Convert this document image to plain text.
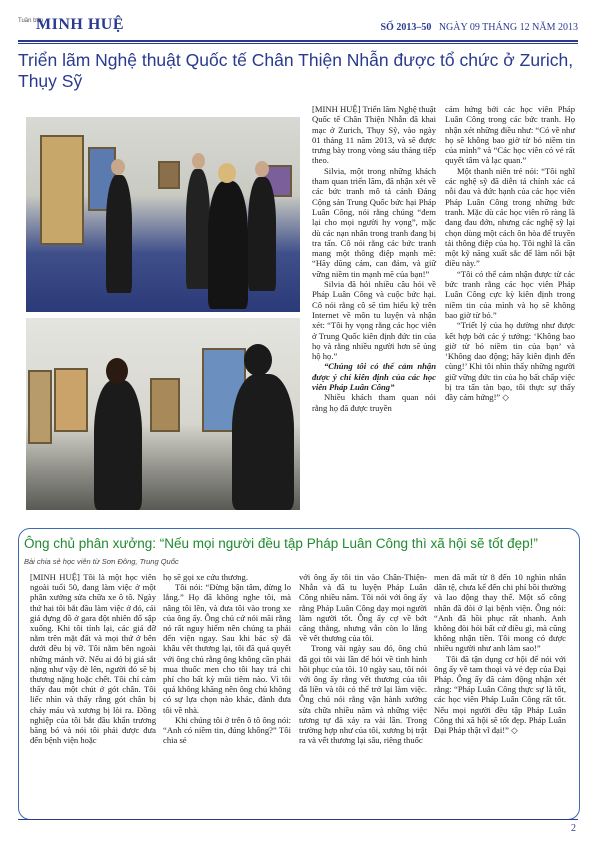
Tuần báo
MINH HUỆ	SỐ 2013–50 NGÀY 09 THÁNG 12 NĂM 2013
Triển lãm Nghệ thuật Quốc tế Chân Thiện Nhẫn được tổ chức ở Zurich, Thụy Sỹ

[MINH HUỆ] Triển lãm Nghệ thuật Quốc tế Chân Thiện Nhẫn đã khai mạc ở Zurich, Thụy Sỹ, vào ngày 01 tháng 11 năm 2013, và sẽ được trưng bày trong vòng sáu tháng tiếp theo.

Silvia, một trong những khách tham quan triển lãm, đã nhận xét về các bức tranh mô tả cảnh Đảng Cộng sản Trung Quốc bức hại Pháp Luân Công, nói rằng chúng “đem lại cho mọi người hy vọng”, mặc dù các nạn nhân trong tranh đang bị tra tấn. Cô nói rằng các bức tranh mang một thông điệp mạnh mẽ: “Hãy dũng cảm, can đảm, và giữ vững niềm tin mạnh mẽ của bạn!”

Silvia đã hỏi nhiều câu hỏi về Pháp Luân Công và cuộc bức hại. Cô nói rằng cô sẽ tìm hiểu kỹ trên Internet về môn tu luyện và nhận xét: “Tôi hy vọng rằng các học viên ở Trung Quốc kiên định đức tin của họ và rằng nhiều người hơn sẽ ủng hộ họ.”

“Chúng tôi có thể cảm nhận được ý chí kiên định của các học viên Pháp Luân Công”

Nhiều khách tham quan nói rằng họ đã được truyền

cảm hứng bởi các học viên Pháp Luân Công trong các bức tranh. Họ nhận xét những điều như: “Có về như họ sẽ không bao giờ từ bỏ niềm tin của mình” và “Các học viên có vẻ rất quyết tâm và lạc quan.”

Một thanh niên trẻ nói: “Tôi nghĩ các nghệ sỹ đã diễn tả chính xác cả nỗi đau và đức hạnh của các học viên Pháp Luân Công trong những bức tranh. Mặc dù các học viên rõ ràng là đang đau đớn, nhưng các nghệ sỹ lại chọn dùng một cách ôn hòa để truyền tải thông điệp của họ. Tôi nghĩ là cần một kỹ năng xuất sắc để làm nổi bật điều này.”

“Tôi có thể cảm nhận được từ các bức tranh rằng các học viên Pháp Luân Công cực kỳ kiên định trong niềm tin của mình và họ sẽ không bao giờ từ bỏ.”

“Triết lý của họ dường như được kết hợp bởi các ý tưởng: ‘Không bao giờ từ bỏ niềm tin của bạn’ và ‘Không dao động; hãy kiên định đến cùng!’ Khi tôi nhìn thấy những người giữ vững đức tin của họ bất chấp việc bị tra tấn tàn bạo, tôi thực sự thấy đầy cảm hứng!” ◇

Ông chủ phân xưởng: “Nếu mọi người đều tập Pháp Luân Công thì xã hội sẽ tốt đẹp!”
Bài chia sẻ học viên từ Sơn Đông, Trung Quốc

[MINH HUỆ] Tôi là một học viên ngoài tuổi 50, đang làm việc ở một phân xưởng sửa chữa xe ô tô. Ngày thứ hai tôi bắt đầu làm việc ở đó, cái giá đựng đồ ở gara đột nhiên đổ sập xuống. Khi tôi tỉnh lại, các giá đỡ nằm trên mặt đất và mọi thứ ở bên dưới đều bị vỡ. Tôi nằm bên ngoài những mảnh vỡ. Nếu ai đó bị giá sắt nặng như vậy đè lên, người đó sẽ bị thương nặng hoặc chết. Tôi chỉ cảm thấy đau một chút ở gót chân. Tôi liếc nhìn và thấy rằng gót chân bị chảy máu và xương bị lòi ra. Đồng nghiệp của tôi bắt đầu khẩn trương băng bó và nói tôi phải được đưa đến bệnh viện hoặc

họ sẽ gọi xe cứu thương.

Tôi nói: “Đừng bận tâm, đừng lo lắng.” Họ đã không nghe tôi, mà nâng tôi lên, và đưa tôi vào trong xe của ông ấy. Ông chủ cứ nói mãi rằng nó rất nguy hiểm nên chúng ta phải đến viện ngay. Sau khi bác sỹ đã khâu vết thương lại, tôi đã quả quyết với ông chủ rằng ông không cần phải mua thuốc men cho tôi hay trả chi phí cho bất kỳ mũi tiêm nào. Vì tôi quả không khăng nên ông chủ không có sự lựa chọn nào khác, đành đưa tôi về nhà.

Khi chúng tôi ở trên ô tô ông nói: “Anh có niềm tin, đúng không?” Tôi chia sẻ

với ông ấy tôi tin vào Chân-Thiện-Nhẫn và đã tu luyện Pháp Luân Công nhiều năm. Tôi nói với ông ấy rằng Pháp Luân Công dạy mọi người làm người tốt. Ông ấy cợ về bớt căng thẳng, nhưng vẫn còn lo lắng về vết thương của tôi.

Trong vài ngày sau đó, ông chủ đã gọi tôi vài lần để hỏi về tình hình hồi phục của tôi. 10 ngày sau, tôi nói với ông ấy rằng vết thương của tôi đã liền và tôi có thể trở lại làm việc. Ông chủ nói rằng vận hành xưởng sửa chữa nhiều năm và những việc tương tự đã xảy ra vài lần. Trong trường hợp như của tôi, xương bị trật ra và vết thương lại sâu, riêng thuốc

men đã mất từ 8 đến 10 nghìn nhân dân tệ, chưa kể đến chi phí bồi thường và lao động thay thế. Một số công nhân đã đòi ở lại bệnh viện. Ông nói: “Anh đã hồi phục rất nhanh. Anh không đòi hỏi bất cứ điều gì, mà cũng không nhận tiền. Tôi mong có được nhiều người như anh làm sao!”

Tôi đã tận dụng cơ hội để nói với ông ấy về tam thoại và vẻ đẹp của Đại Pháp. Ông ấy đã cảm động nhận xét rằng: “Pháp Luân Công thực sự là tốt, các học viên Pháp Luân Công rất tốt. Nếu mọi người đều tập Pháp Luân Công thì xã hội sẽ tốt đẹp. Pháp Luân Đại Pháp thật vĩ đại!” ◇

2
